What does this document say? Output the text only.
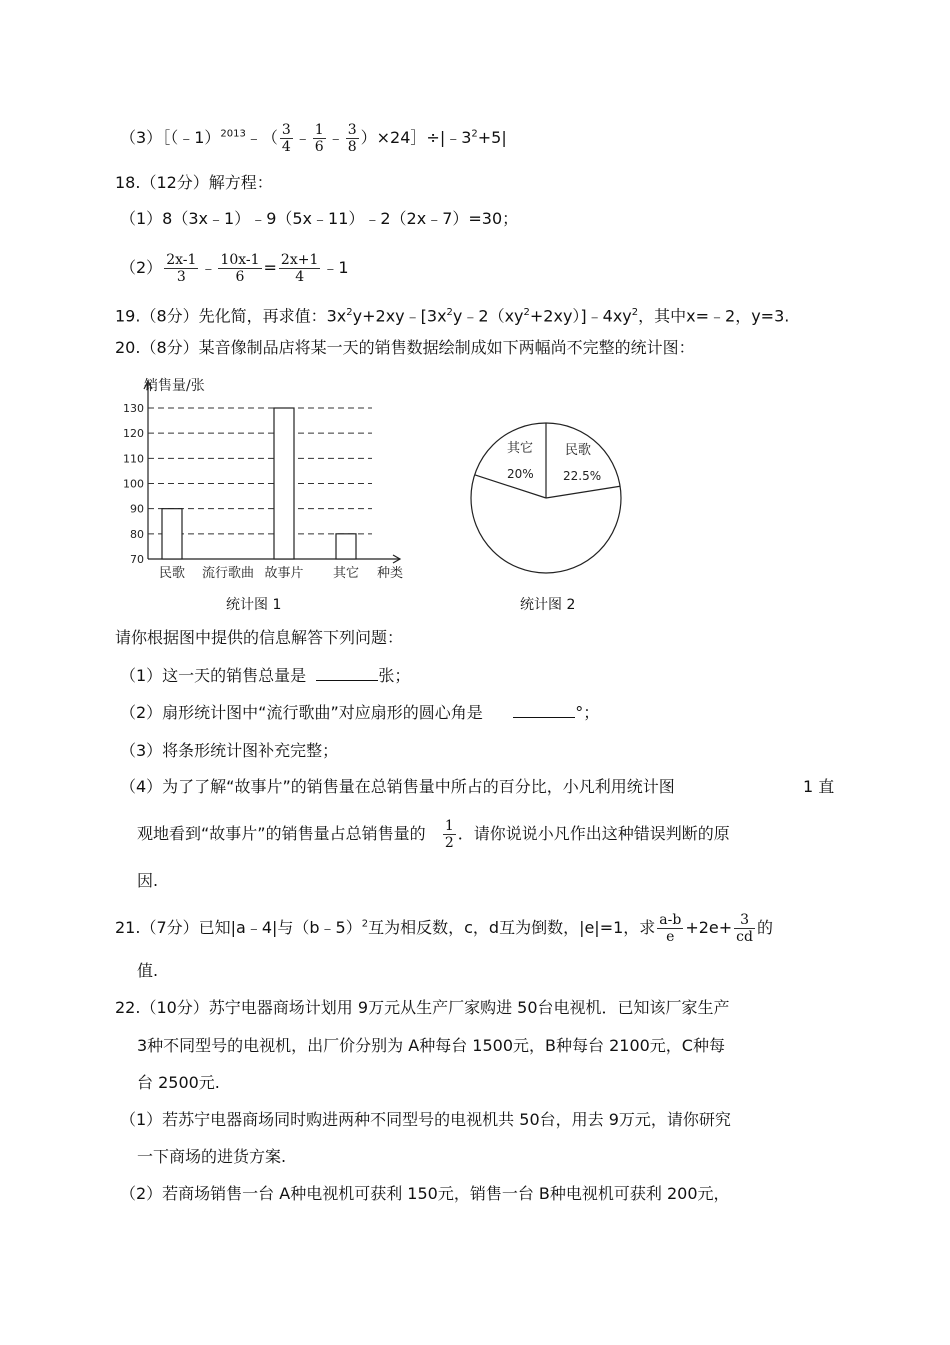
（3）［（﹣1）$^{2013}$﹣（ $\frac{3}{4}$ ﹣ $\frac{1}{6}$ ﹣ $\frac{3}{8}$ ）$\times 24]\div|﹣3^2+5|$
18.（12分）解方程：
（1）8（3x﹣1）﹣9（5x﹣11）﹣2（2x﹣7）=30；
$(2) \frac{2x-1}{3}$ ﹣ $\frac{10x-1}{6} = \frac{2x+1}{4}$ ﹣1
19.（8分）先化简，再求值：$3x^2y+2xy﹣[3x^2y﹣2(xy^2+2xy)]﹣4xy^2$，其中x=﹣2，y=3.
20.（8分）某音像制品店将某一天的销售数据绘制成如下两幅尚不完整的统计图：
销售量/张
70
80
90
100
110
120
130
民歌 流行歌曲 故事片 其它 种类
统计图 1
其它
20%
民歌
22.5%
统计图 2
请你根据图中提供的信息解答下列问题：
（1）这一天的销售总量是	张；
（2）扇形统计图中“流行歌曲”对应扇形的圆心角是	°；
（3）将条形统计图补充完整；
（4）为了了解“故事片”的销售量在总销售量中所占的百分比，小凡利用统计图	1 直
观地看到“故事片”的销售量占总销售量的 $\frac{1}{2}$ ．请你说说小凡作出这种错误判断的原
因.
21.（7分）已知|a﹣4|与（b﹣5）$^2$互为相反数，c，d互为倒数，|e|=1，求 $\frac{a-b}{e} +2e+ \frac{3}{cd}$ 的
值.
22.（10分）苏宁电器商场计划用 9万元从生产厂家购进 50台电视机．已知该厂家生产
3种不同型号的电视机，出厂价分别为 A种每台 1500元，B种每台 2100元，C种每
台 2500元.
（1）若苏宁电器商场同时购进两种不同型号的电视机共 50台，用去 9万元，请你研究
一下商场的进货方案.
（2）若商场销售一台 A种电视机可获利 150元，销售一台 B种电视机可获利 200元，
